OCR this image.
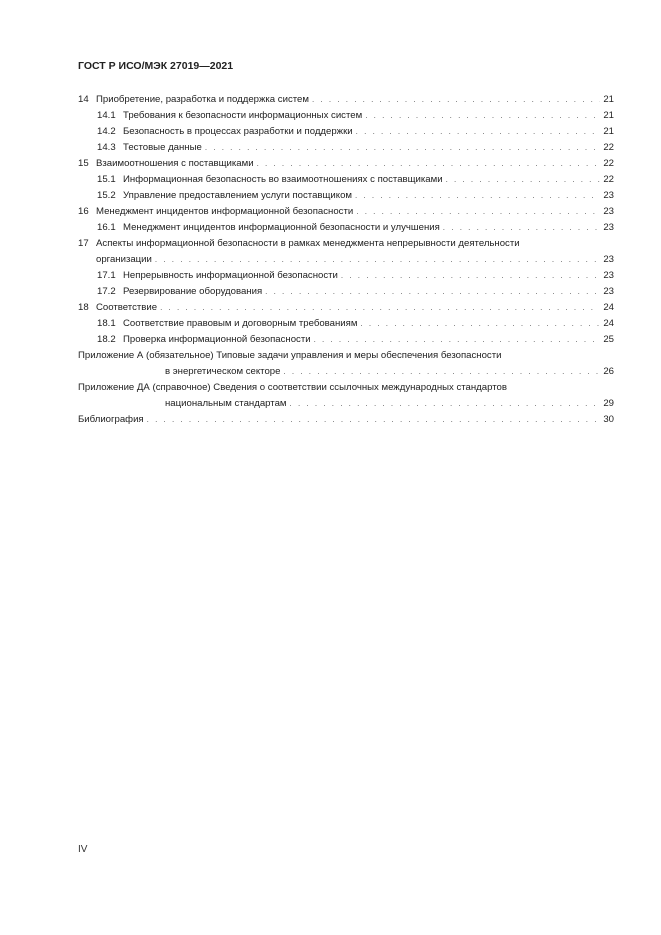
ГОСТ Р ИСО/МЭК 27019—2021
14 Приобретение, разработка и поддержка систем . . .	21
14.1 Требования к безопасности информационных систем . . .	21
14.2 Безопасность в процессах разработки и поддержки . . .	21
14.3 Тестовые данные . . .	22
15 Взаимоотношения с поставщиками . . .	22
15.1 Информационная безопасность во взаимоотношениях с поставщиками . . .	22
15.2 Управление предоставлением услуги поставщиком . . .	23
16 Менеджмент инцидентов информационной безопасности . . .	23
16.1 Менеджмент инцидентов информационной безопасности и улучшения . . .	23
17 Аспекты информационной безопасности в рамках менеджмента непрерывности деятельности
организации . . .	23
17.1 Непрерывность информационной безопасности . . .	23
17.2 Резервирование оборудования . . .	23
18 Соответствие . . .	24
18.1 Соответствие правовым и договорным требованиям . . .	24
18.2 Проверка информационной безопасности . . .	25
Приложение А (обязательное) Типовые задачи управления и меры обеспечения безопасности
в энергетическом секторе . . .	26
Приложение ДА (справочное) Сведения о соответствии ссылочных международных стандартов
национальным стандартам . . .	29
Библиография . . .	30
IV
